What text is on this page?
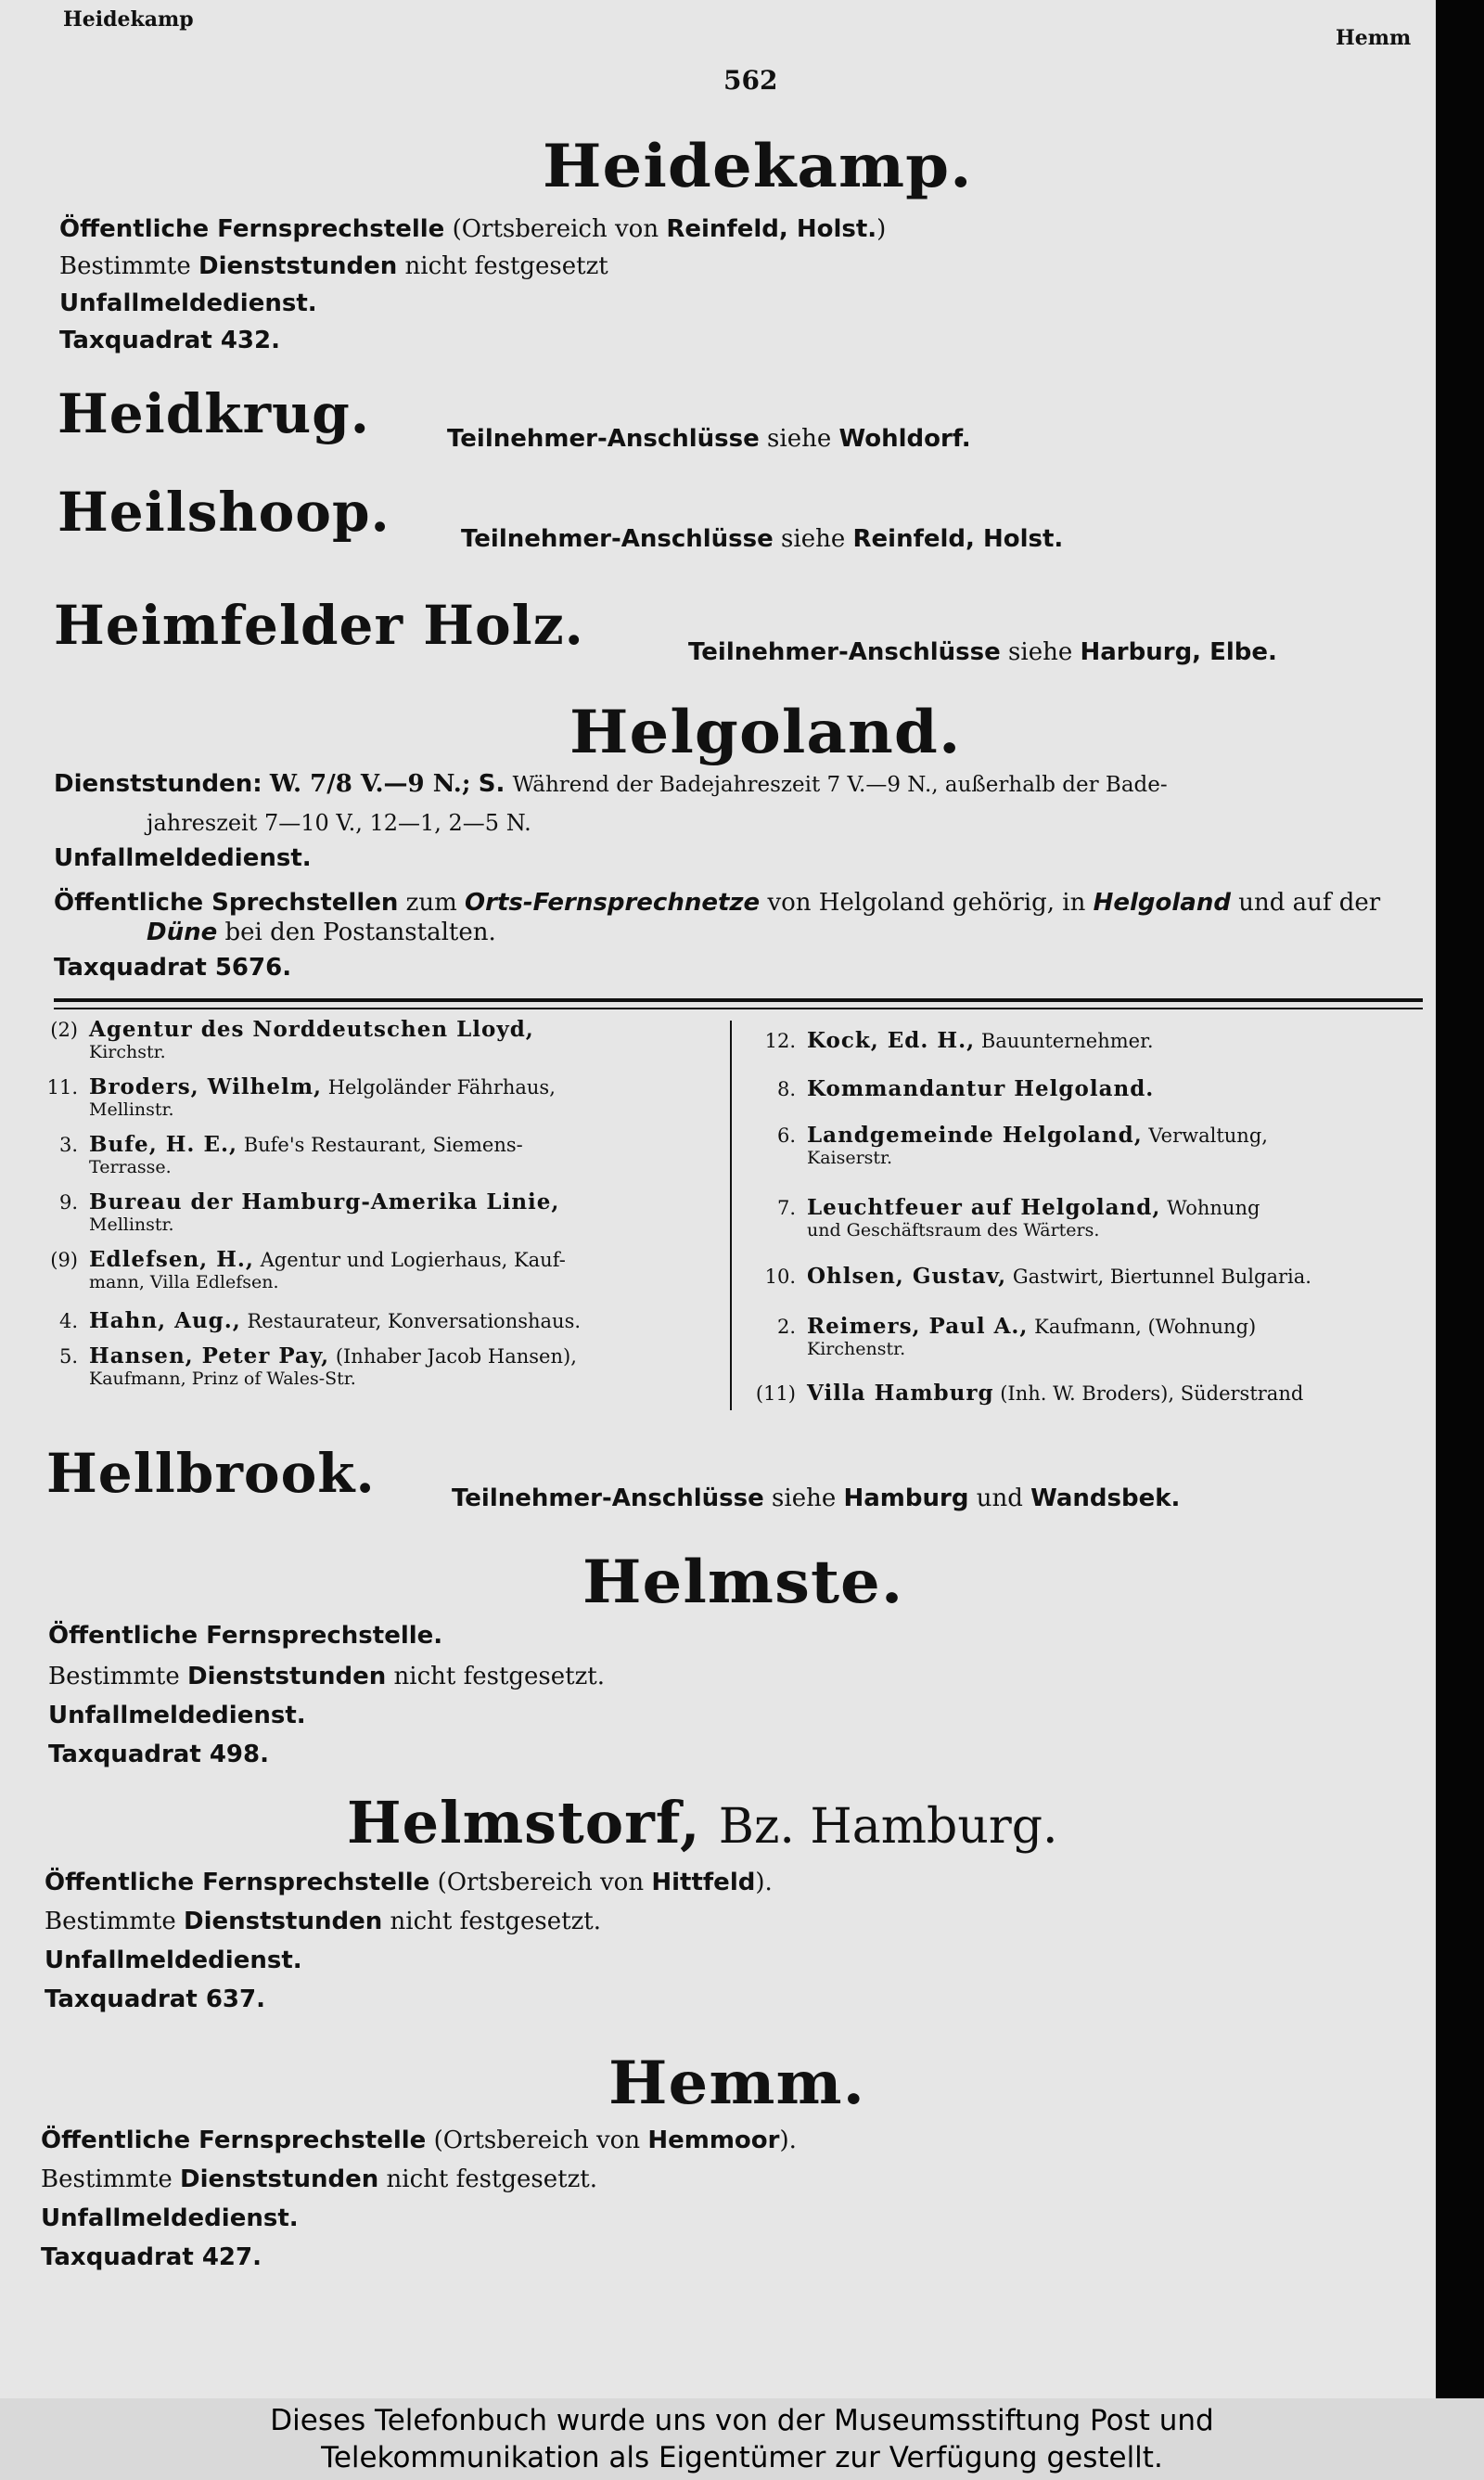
Heidekamp
Hemm
562
Heidekamp.
Öffentliche Fernsprechstelle (Ortsbereich von Reinfeld, Holst.)
Bestimmte Dienststunden nicht festgesetzt
Unfallmeldedienst.
Taxquadrat 432.
Heidkrug.	Teilnehmer-Anschlüsse siehe Wohldorf.
Heilshoop.	Teilnehmer-Anschlüsse siehe Reinfeld, Holst.
Heimfelder Holz.	Teilnehmer-Anschlüsse siehe Harburg, Elbe.
Helgoland.
Dienststunden: W. 7/8 V.—9 N.; S. Während der Badejahreszeit 7 V.—9 N., außerhalb der Bade-
jahreszeit 7—10 V., 12—1, 2—5 N.
Unfallmeldedienst.
Öffentliche Sprechstellen zum Orts-Fernsprechnetze von Helgoland gehörig, in Helgoland und auf der
Düne bei den Postanstalten.
Taxquadrat 5676.
(2) Agentur des Norddeutschen Lloyd,
Kirchstr.
11. Broders, Wilhelm, Helgoländer Fährhaus,
Mellinstr.
3. Bufe, H. E., Bufe's Restaurant, Siemens-
Terrasse.
9. Bureau der Hamburg-Amerika Linie,
Mellinstr.
(9) Edlefsen, H., Agentur und Logierhaus, Kauf-
mann, Villa Edlefsen.
4. Hahn, Aug., Restaurateur, Konversationshaus.
5. Hansen, Peter Pay, (Inhaber Jacob Hansen),
Kaufmann, Prinz of Wales-Str.
12. Kock, Ed. H., Bauunternehmer.
8. Kommandantur Helgoland.
6. Landgemeinde Helgoland, Verwaltung,
Kaiserstr.
7. Leuchtfeuer auf Helgoland, Wohnung
und Geschäftsraum des Wärters.
10. Ohlsen, Gustav, Gastwirt, Biertunnel Bulgaria.
2. Reimers, Paul A., Kaufmann, (Wohnung)
Kirchenstr.
(11) Villa Hamburg (Inh. W. Broders), Süderstrand
Hellbrook.	Teilnehmer-Anschlüsse siehe Hamburg und Wandsbek.
Helmste.
Öffentliche Fernsprechstelle.
Bestimmte Dienststunden nicht festgesetzt.
Unfallmeldedienst.
Taxquadrat 498.
Helmstorf, Bz. Hamburg.
Öffentliche Fernsprechstelle (Ortsbereich von Hittfeld).
Bestimmte Dienststunden nicht festgesetzt.
Unfallmeldedienst.
Taxquadrat 637.
Hemm.
Öffentliche Fernsprechstelle (Ortsbereich von Hemmoor).
Bestimmte Dienststunden nicht festgesetzt.
Unfallmeldedienst.
Taxquadrat 427.
Dieses Telefonbuch wurde uns von der Museumsstiftung Post und
Telekommunikation als Eigentümer zur Verfügung gestellt.
